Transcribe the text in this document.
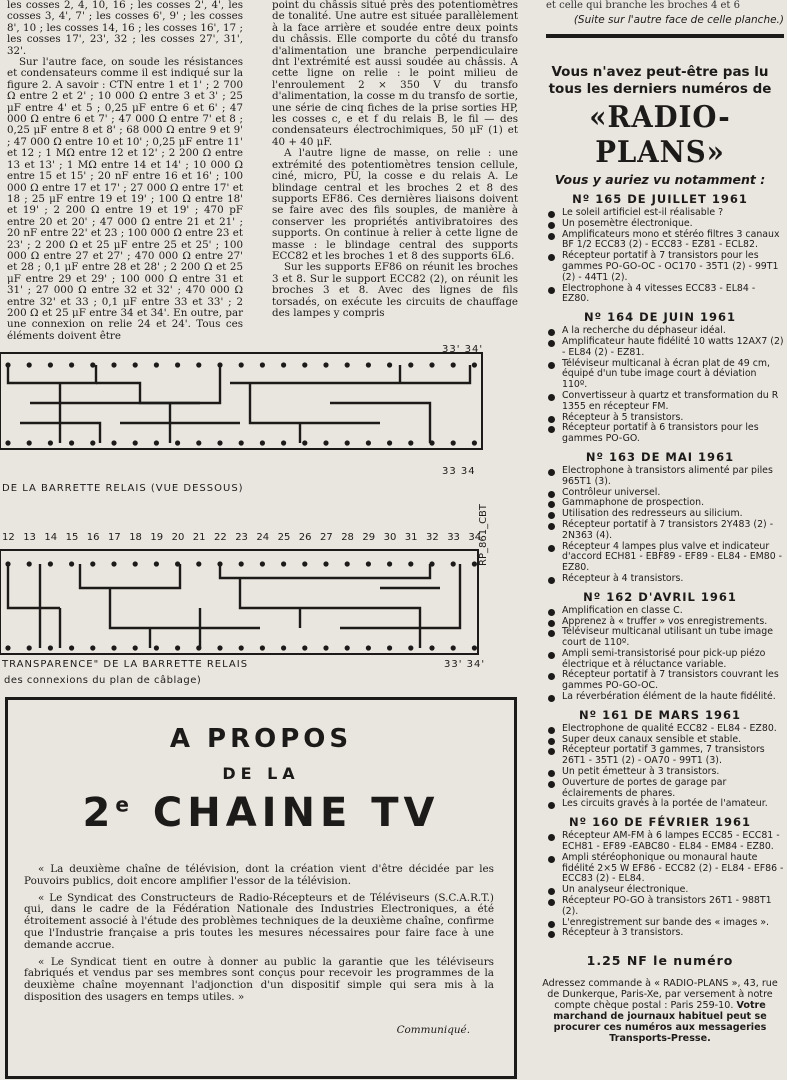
les cosses 2, 4, 10, 16 ; les cosses 2', 4', les cosses 3, 4', 7' ; les cosses 6', 9' ; les cosses 8', 10 ; les cosses 14, 16 ; les cosses 16', 17 ; les cosses 17', 23', 32 ; les cosses 27', 31', 32'.

Sur l'autre face, on soude les résistances et condensateurs comme il est indiqué sur la figure 2. A savoir : CTN entre 1 et 1' ; 2 700 Ω entre 2 et 2' ; 10 000 Ω entre 3 et 3' ; 25 μF entre 4' et 5 ; 0,25 μF entre 6 et 6' ; 47 000 Ω entre 6 et 7' ; 47 000 Ω entre 7' et 8 ; 0,25 μF entre 8 et 8' ; 68 000 Ω entre 9 et 9' ; 47 000 Ω entre 10 et 10' ; 0,25 μF entre 11' et 12 ; 1 MΩ entre 12 et 12' ; 2 200 Ω entre 13 et 13' ; 1 MΩ entre 14 et 14' ; 10 000 Ω entre 15 et 15' ; 20 nF entre 16 et 16' ; 100 000 Ω entre 17 et 17' ; 27 000 Ω entre 17' et 18 ; 25 μF entre 19 et 19' ; 100 Ω entre 18' et 19' ; 2 200 Ω entre 19 et 19' ; 470 pF entre 20 et 20' ; 47 000 Ω entre 21 et 21' ; 20 nF entre 22' et 23 ; 100 000 Ω entre 23 et 23' ; 2 200 Ω et 25 μF entre 25 et 25' ; 100 000 Ω entre 27 et 27' ; 470 000 Ω entre 27' et 28 ; 0,1 μF entre 28 et 28' ; 2 200 Ω et 25 μF entre 29 et 29' ; 100 000 Ω entre 31 et 31' ; 27 000 Ω entre 32 et 32' ; 470 000 Ω entre 32' et 33 ; 0,1 μF entre 33 et 33' ; 2 200 Ω et 25 μF entre 34 et 34'. En outre, par une connexion on relie 24 et 24'. Tous ces éléments doivent être

point du châssis situé près des potentiomètres de tonalité. Une autre est située parallèlement à la face arrière et soudée entre deux points du châssis. Elle comporte du côté du transfo d'alimentation une branche perpendiculaire dnt l'extrémité est aussi soudée au châssis. A cette ligne on relie : le point milieu de l'enroulement 2 × 350 V du transfo d'alimentation, la cosse m du transfo de sortie, une série de cinq fiches de la prise sorties HP, les cosses c, e et f du relais B, le fil — des condensateurs électrochimiques, 50 μF (1) et 40 + 40 μF.

A l'autre ligne de masse, on relie : une extrémité des potentiomètres tension cellule, ciné, micro, PU, la cosse e du relais A. Le blindage central et les broches 2 et 8 des supports EF86. Ces dernières liaisons doivent se faire avec des fils souples, de manière à conserver les propriétés antivibratoires des supports. On continue à relier à cette ligne de masse : le blindage central des supports ECC82 et les broches 1 et 8 des supports 6L6.

Sur les supports EF86 on réunit les broches 3 et 8. Sur le support ECC82 (2), on réunit les broches 3 et 8. Avec des lignes de fils torsadés, on exécute les circuits de chauffage des lampes y compris

et celle qui branche les broches 4 et 6
(Suite sur l'autre face de celle planche.)
Vous n'avez peut-être pas lu tous les derniers numéros de
«RADIO-PLANS»
Vous y auriez vu notamment :
Nº 165 DE JUILLET 1961
Le soleil artificiel est-il réalisable ?
Un posemètre électronique.
Amplificateurs mono et stéréo filtres 3 canaux BF 1/2 ECC83 (2) - ECC83 - EZ81 - ECL82.
Récepteur portatif à 7 transistors pour les gammes PO-GO-OC - OC170 - 35T1 (2) - 99T1 (2) - 44T1 (2).
Electrophone à 4 vitesses ECC83 - EL84 - EZ80.
Nº 164 DE JUIN 1961
A la recherche du déphaseur idéal.
Amplificateur haute fidélité 10 watts 12AX7 (2) - EL84 (2) - EZ81.
Téléviseur multicanal à écran plat de 49 cm, équipé d'un tube image court à déviation 110º.
Convertisseur à quartz et transformation du R 1355 en récepteur FM.
Récepteur à 5 transistors.
Récepteur portatif à 6 transistors pour les gammes PO-GO.
Nº 163 DE MAI 1961
Electrophone à transistors alimenté par piles 965T1 (3).
Contrôleur universel.
Gammaphone de prospection.
Utilisation des redresseurs au silicium.
Récepteur portatif à 7 transistors 2Y483 (2) - 2N363 (4).
Récepteur 4 lampes plus valve et indicateur d'accord ECH81 - EBF89 - EF89 - EL84 - EM80 - EZ80.
Récepteur à 4 transistors.
Nº 162 D'AVRIL 1961
Amplification en classe C.
Apprenez à « truffer » vos enregistrements.
Téléviseur multicanal utilisant un tube image court de 110º.
Ampli semi-transistorisé pour pick-up piézo électrique et à réluctance variable.
Récepteur portatif à 7 transistors couvrant les gammes PO-GO-OC.
La réverbération élément de la haute fidélité.
Nº 161 DE MARS 1961
Electrophone de qualité ECC82 - EL84 - EZ80.
Super deux canaux sensible et stable.
Récepteur portatif 3 gammes, 7 transistors 26T1 - 35T1 (2) - OA70 - 99T1 (3).
Un petit émetteur à 3 transistors.
Ouverture de portes de garage par éclairements de phares.
Les circuits gravés à la portée de l'amateur.
Nº 160 DE FÉVRIER 1961
Récepteur AM-FM à 6 lampes ECC85 - ECC81 - ECH81 - EF89 -EABC80 - EL84 - EM84 - EZ80.
Ampli stéréophonique ou monaural haute fidélité 2×5 W EF86 - ECC82 (2) - EL84 - EF86 - ECC83 (2) - EL84.
Un analyseur électronique.
Récepteur PO-GO à transistors 26T1 - 988T1 (2).
L'enregistrement sur bande des « images ».
Récepteur à 3 transistors.
1.25 NF le numéro
Adressez commande à « RADIO-PLANS », 43, rue de Dunkerque, Paris-Xe, par versement à notre compte chèque postal : Paris 259-10. Votre marchand de journaux habituel peut se procurer ces numéros aux messageries Transports-Presse.
33' 34'
33 34
DE LA BARRETTE RELAIS (VUE DESSOUS)
12 13 14 15 16 17 18 19 20 21 22 23 24 25 26 27 28 29 30 31 32 33 34
RP_861_CBT
TRANSPARENCE" DE LA BARRETTE RELAIS	33' 34'
des connexions du plan de câblage)
A PROPOS
DE LA
2e CHAINE TV

« La deuxième chaîne de télévision, dont la création vient d'être décidée par les Pouvoirs publics, doit encore amplifier l'essor de la télévision.

« Le Syndicat des Constructeurs de Radio-Récepteurs et de Téléviseurs (S.C.A.R.T.) qui, dans le cadre de la Fédération Nationale des Industries Electroniques, a été étroitement associé à l'étude des problèmes techniques de la deuxième chaîne, confirme que l'Industrie française a pris toutes les mesures nécessaires pour faire face à une demande accrue.

« Le Syndicat tient en outre à donner au public la garantie que les téléviseurs fabriqués et vendus par ses membres sont conçus pour recevoir les programmes de la deuxième chaîne moyennant l'adjonction d'un dispositif simple qui sera mis à la disposition des usagers en temps utiles. »

Communiqué.
